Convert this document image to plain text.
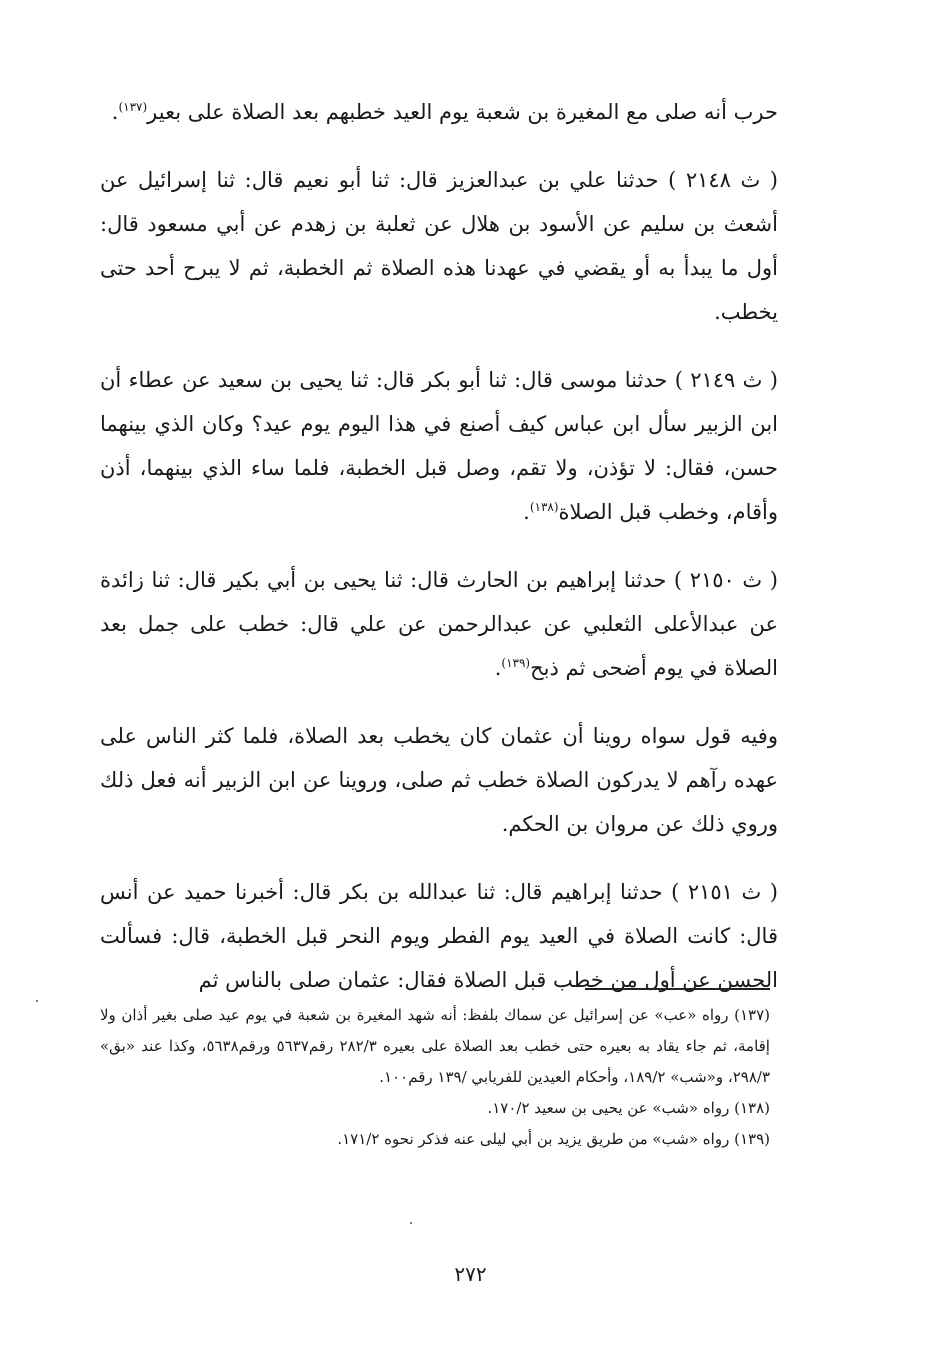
حرب أنه صلى مع المغيرة بن شعبة يوم العيد خطبهم بعد الصلاة على بعير$^{(١٣٧)}$.

( ث ٢١٤٨ ) حدثنا علي بن عبدالعزيز قال: ثنا أبو نعيم قال: ثنا إسرائيل عن أشعث بن سليم عن الأسود بن هلال عن ثعلبة بن زهدم عن أبي مسعود قال: أول ما يبدأ به أو يقضي في عهدنا هذه الصلاة ثم الخطبة، ثم لا يبرح أحد حتى يخطب.

( ث ٢١٤٩ ) حدثنا موسى قال: ثنا أبو بكر قال: ثنا يحيى بن سعيد عن عطاء أن ابن الزبير سأل ابن عباس كيف أصنع في هذا اليوم يوم عيد؟ وكان الذي بينهما حسن، فقال: لا تؤذن، ولا تقم، وصل قبل الخطبة، فلما ساء الذي بينهما، أذن وأقام، وخطب قبل الصلاة$^{(١٣٨)}$.

( ث ٢١٥٠ ) حدثنا إبراهيم بن الحارث قال: ثنا يحيى بن أبي بكير قال: ثنا زائدة عن عبدالأعلى الثعلبي عن عبدالرحمن عن علي قال: خطب على جمل بعد الصلاة في يوم أضحى ثم ذبح$^{(١٣٩)}$.

وفيه قول سواه روينا أن عثمان كان يخطب بعد الصلاة، فلما كثر الناس على عهده رآهم لا يدركون الصلاة خطب ثم صلى، وروينا عن ابن الزبير أنه فعل ذلك وروي ذلك عن مروان بن الحكم.

( ث ٢١٥١ ) حدثنا إبراهيم قال: ثنا عبدالله بن بكر قال: أخبرنا حميد عن أنس قال: كانت الصلاة في العيد يوم الفطر ويوم النحر قبل الخطبة، قال: فسألت الحسن عن أول من خطب قبل الصلاة فقال: عثمان صلى بالناس ثم

(١٣٧) رواه «عب» عن إسرائيل عن سماك بلفظ: أنه شهد المغيرة بن شعبة في يوم عيد صلى بغير أذان ولا إقامة، ثم جاء يقاد به بعيره حتى خطب بعد الصلاة على بعيره ٢٨٢/٣ رقم٥٦٣٧ ورقم٥٦٣٨، وكذا عند «بق» ٢٩٨/٣، و«شب» ١٨٩/٢، وأحكام العيدين للفريابي /١٣٩ رقم١٠٠.

(١٣٨) رواه «شب» عن يحيى بن سعيد ١٧٠/٢.

(١٣٩) رواه «شب» من طريق يزيد بن أبي ليلى عنه فذكر نحوه ١٧١/٢.

٢٧٢
